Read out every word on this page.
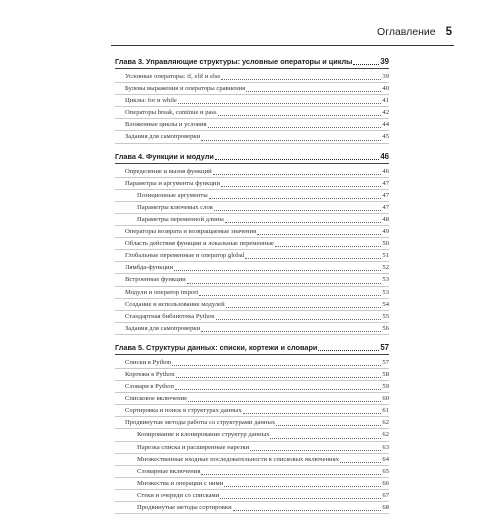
Оглавление 5
Глава 3. Управляющие структуры: условные операторы и циклы	39
Условные операторы: if, elif и else	39
Булевы выражения и операторы сравнения	40
Циклы: for и while	41
Операторы break, continue и pass	42
Вложенные циклы и условия	44
Задания для самопроверки	45
Глава 4. Функции и модули	46
Определение и вызов функций	46
Параметры и аргументы функции	47
Позиционные аргументы	47
Параметры ключевых слов	47
Параметры переменной длины	48
Операторы возврата и возвращаемые значения	49
Область действия функции и локальные переменные	50
Глобальные переменные и оператор global	51
Лямбда-функции	52
Встроенные функции	53
Модули и оператор import	53
Создание и использование модулей	54
Стандартная библиотека Python	55
Задания для самопроверки	56
Глава 5. Структуры данных: списки, кортежи и словари	57
Списки в Python	57
Кортежи в Python	58
Словари в Python	59
Списковое включение	60
Сортировка и поиск в структурах данных	61
Продвинутые методы работы со структурами данных	62
Копирование и клонирование структур данных	62
Нарезка списка и расширенные нарезки	63
Множественные входные последовательности в списковых включениях	64
Словарные включения	65
Множества и операции с ними	66
Стеки и очереди со списками	67
Продвинутые методы сортировки	68
